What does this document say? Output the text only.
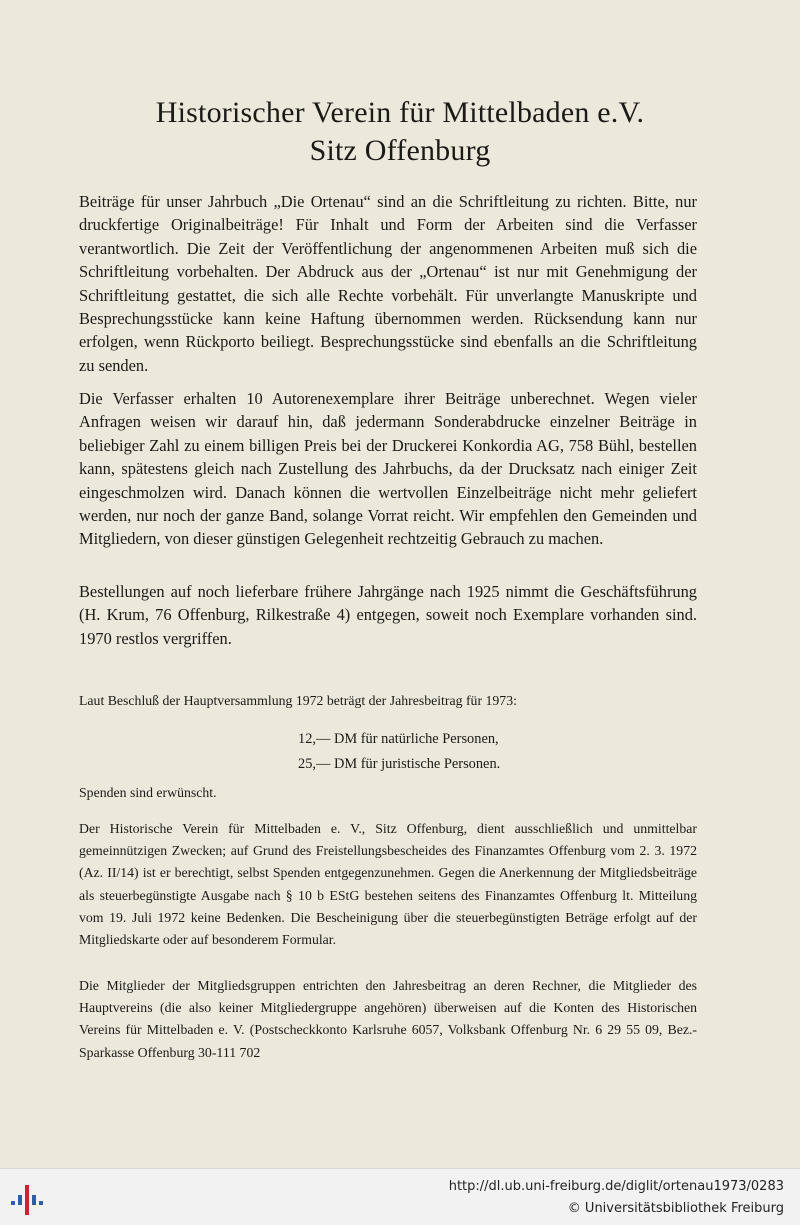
Historischer Verein für Mittelbaden e.V.
Sitz Offenburg
Beiträge für unser Jahrbuch „Die Ortenau“ sind an die Schriftleitung zu richten. Bitte, nur druckfertige Originalbeiträge! Für Inhalt und Form der Arbeiten sind die Verfasser verantwortlich. Die Zeit der Veröffentlichung der angenommenen Arbeiten muß sich die Schriftleitung vorbehalten. Der Abdruck aus der „Ortenau“ ist nur mit Genehmigung der Schriftleitung gestattet, die sich alle Rechte vorbehält. Für unverlangte Manuskripte und Besprechungsstücke kann keine Haftung übernommen werden. Rücksendung kann nur erfolgen, wenn Rückporto beiliegt. Besprechungsstücke sind ebenfalls an die Schriftleitung zu senden.
Die Verfasser erhalten 10 Autorenexemplare ihrer Beiträge unberechnet. Wegen vieler Anfragen weisen wir darauf hin, daß jedermann Sonderabdrucke einzelner Beiträge in beliebiger Zahl zu einem billigen Preis bei der Druckerei Konkordia AG, 758 Bühl, bestellen kann, spätestens gleich nach Zustellung des Jahrbuchs, da der Drucksatz nach einiger Zeit eingeschmolzen wird. Danach können die wertvollen Einzelbeiträge nicht mehr geliefert werden, nur noch der ganze Band, solange Vorrat reicht. Wir empfehlen den Gemeinden und Mitgliedern, von dieser günstigen Gelegenheit rechtzeitig Gebrauch zu machen.
Bestellungen auf noch lieferbare frühere Jahrgänge nach 1925 nimmt die Geschäftsführung (H. Krum, 76 Offenburg, Rilkestraße 4) entgegen, soweit noch Exemplare vorhanden sind. 1970 restlos vergriffen.
Laut Beschluß der Hauptversammlung 1972 beträgt der Jahresbeitrag für 1973:
12,— DM für natürliche Personen,
25,— DM für juristische Personen.
Spenden sind erwünscht.
Der Historische Verein für Mittelbaden e. V., Sitz Offenburg, dient ausschließlich und unmittelbar gemeinnützigen Zwecken; auf Grund des Freistellungsbescheides des Finanzamtes Offenburg vom 2. 3. 1972 (Az. II/14) ist er berechtigt, selbst Spenden entgegenzunehmen. Gegen die Anerkennung der Mitgliedsbeiträge als steuerbegünstigte Ausgabe nach § 10 b EStG bestehen seitens des Finanzamtes Offenburg lt. Mitteilung vom 19. Juli 1972 keine Bedenken. Die Bescheinigung über die steuerbegünstigten Beträge erfolgt auf der Mitgliedskarte oder auf besonderem Formular.
Die Mitglieder der Mitgliedsgruppen entrichten den Jahresbeitrag an deren Rechner, die Mitglieder des Hauptvereins (die also keiner Mitgliedergruppe angehören) überweisen auf die Konten des Historischen Vereins für Mittelbaden e. V. (Postscheckkonto Karlsruhe 6057, Volksbank Offenburg Nr. 6 29 55 09, Bez.-Sparkasse Offenburg 30-111 702
http://dl.ub.uni-freiburg.de/diglit/ortenau1973/0283
© Universitätsbibliothek Freiburg
